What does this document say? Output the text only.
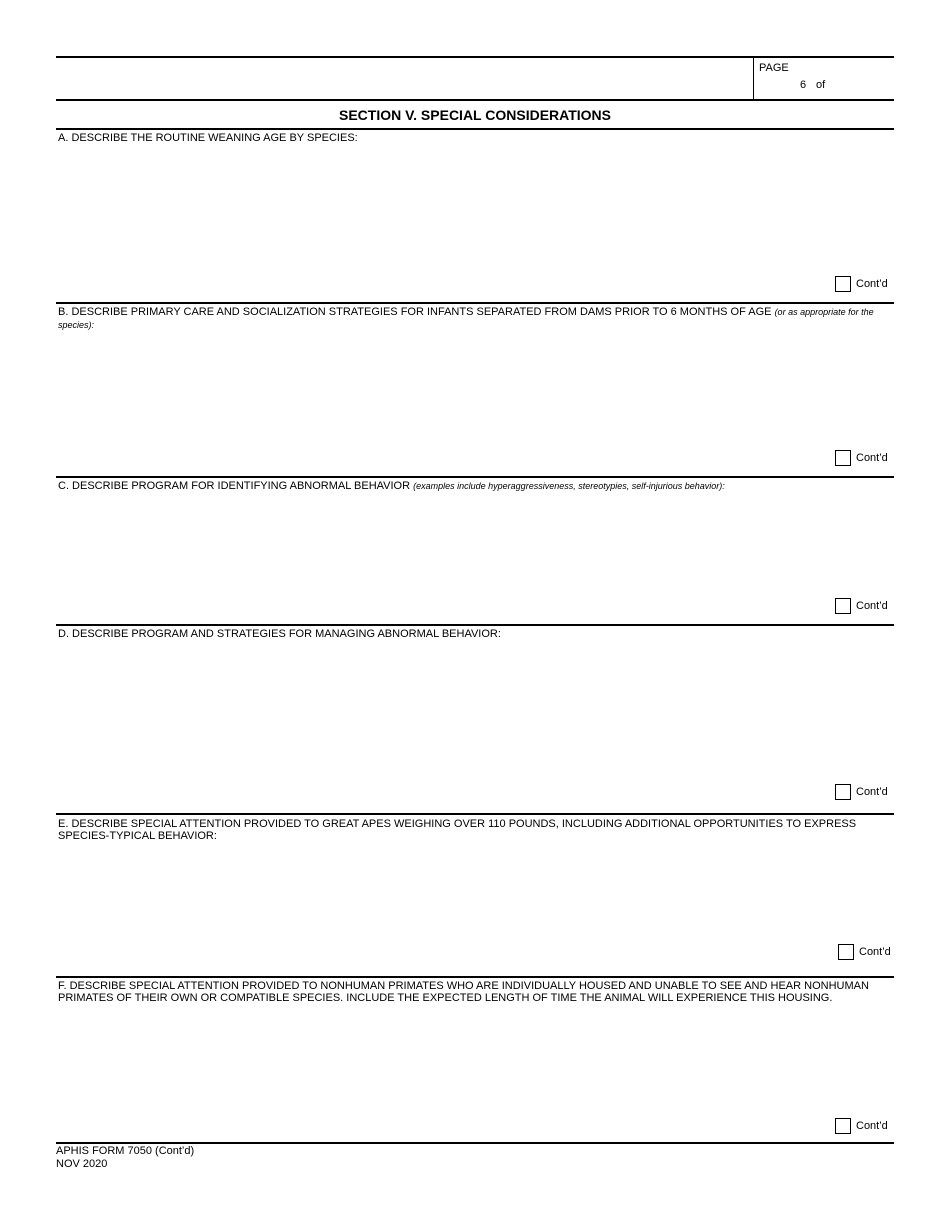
PAGE
6 of
SECTION V. SPECIAL CONSIDERATIONS
A. DESCRIBE THE ROUTINE WEANING AGE BY SPECIES:
Cont’d
B. DESCRIBE PRIMARY CARE AND SOCIALIZATION STRATEGIES FOR INFANTS SEPARATED FROM DAMS PRIOR TO 6 MONTHS OF AGE (or as appropriate for the
species):
Cont’d
C. DESCRIBE PROGRAM FOR IDENTIFYING ABNORMAL BEHAVIOR (examples include hyperaggressiveness, stereotypies, self-injurious behavior):
Cont’d
D. DESCRIBE PROGRAM AND STRATEGIES FOR MANAGING ABNORMAL BEHAVIOR:
Cont’d
E. DESCRIBE SPECIAL ATTENTION PROVIDED TO GREAT APES WEIGHING OVER 110 POUNDS, INCLUDING ADDITIONAL OPPORTUNITIES TO EXPRESS
SPECIES-TYPICAL BEHAVIOR:
Cont’d
F. DESCRIBE SPECIAL ATTENTION PROVIDED TO NONHUMAN PRIMATES WHO ARE INDIVIDUALLY HOUSED AND UNABLE TO SEE AND HEAR NONHUMAN
PRIMATES OF THEIR OWN OR COMPATIBLE SPECIES. INCLUDE THE EXPECTED LENGTH OF TIME THE ANIMAL WILL EXPERIENCE THIS HOUSING.
Cont’d
APHIS FORM 7050 (Cont’d)
NOV 2020
